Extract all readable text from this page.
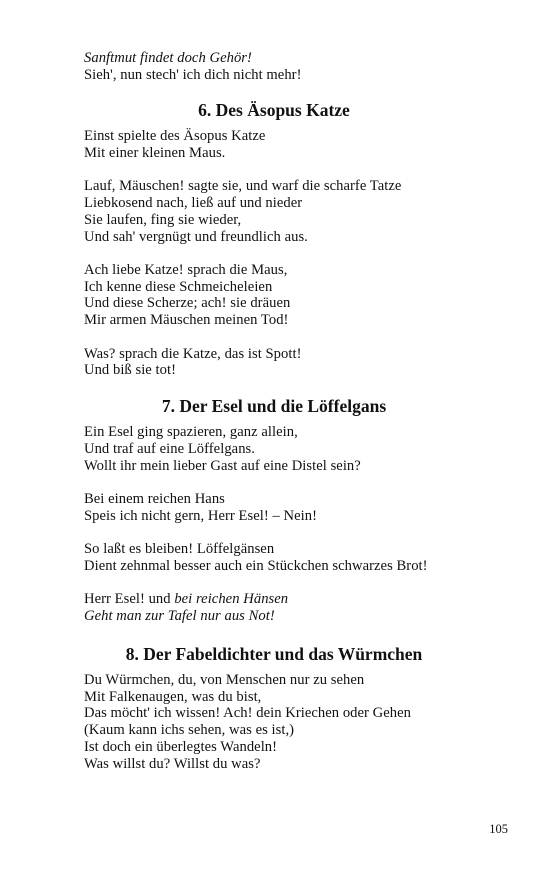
Sanftmut findet doch Gehör!
Sieh', nun stech' ich dich nicht mehr!
6. Des Äsopus Katze
Einst spielte des Äsopus Katze
Mit einer kleinen Maus.
Lauf, Mäuschen! sagte sie, und warf die scharfe Tatze
Liebkosend nach, ließ auf und nieder
Sie laufen, fing sie wieder,
Und sah' vergnügt und freundlich aus.
Ach liebe Katze! sprach die Maus,
Ich kenne diese Schmeicheleien
Und diese Scherze; ach! sie dräuen
Mir armen Mäuschen meinen Tod!
Was? sprach die Katze, das ist Spott!
Und biß sie tot!
7. Der Esel und die Löffelgans
Ein Esel ging spazieren, ganz allein,
Und traf auf eine Löffelgans.
Wollt ihr mein lieber Gast auf eine Distel sein?
Bei einem reichen Hans
Speis ich nicht gern, Herr Esel! – Nein!
So laßt es bleiben! Löffelgänsen
Dient zehnmal besser auch ein Stückchen schwarzes Brot!
Herr Esel! und bei reichen Hänsen
Geht man zur Tafel nur aus Not!
8. Der Fabeldichter und das Würmchen
Du Würmchen, du, von Menschen nur zu sehen
Mit Falkenaugen, was du bist,
Das möcht' ich wissen! Ach! dein Kriechen oder Gehen
(Kaum kann ichs sehen, was es ist,)
Ist doch ein überlegtes Wandeln!
Was willst du? Willst du was?
105
